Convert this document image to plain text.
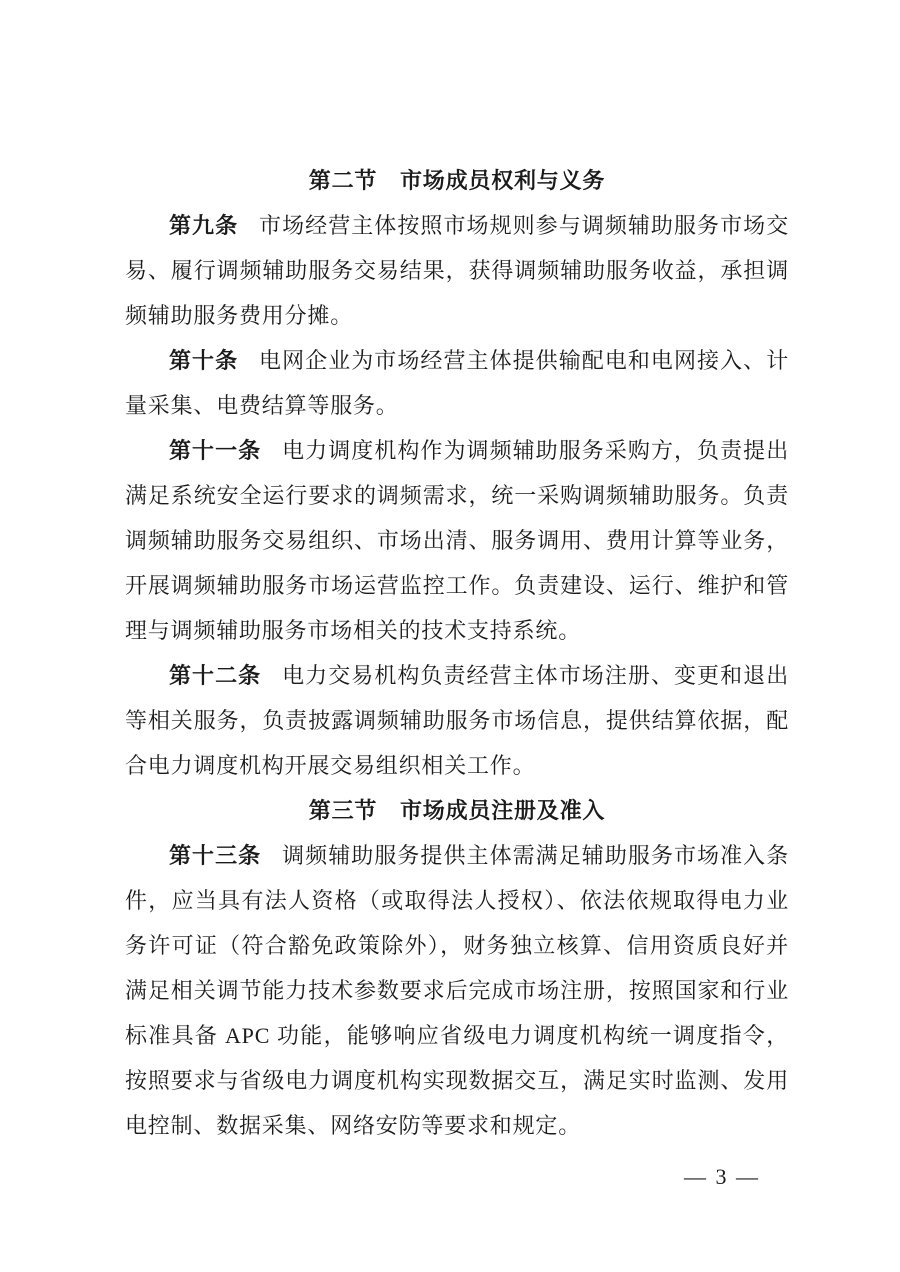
第二节　市场成员权利与义务

第九条 市场经营主体按照市场规则参与调频辅助服务市场交易、履行调频辅助服务交易结果，获得调频辅助服务收益，承担调频辅助服务费用分摊。

第十条 电网企业为市场经营主体提供输配电和电网接入、计量采集、电费结算等服务。

第十一条 电力调度机构作为调频辅助服务采购方，负责提出满足系统安全运行要求的调频需求，统一采购调频辅助服务。负责调频辅助服务交易组织、市场出清、服务调用、费用计算等业务，开展调频辅助服务市场运营监控工作。负责建设、运行、维护和管理与调频辅助服务市场相关的技术支持系统。

第十二条 电力交易机构负责经营主体市场注册、变更和退出等相关服务，负责披露调频辅助服务市场信息，提供结算依据，配合电力调度机构开展交易组织相关工作。

第三节　市场成员注册及准入

第十三条 调频辅助服务提供主体需满足辅助服务市场准入条件，应当具有法人资格（或取得法人授权）、依法依规取得电力业务许可证（符合豁免政策除外），财务独立核算、信用资质良好并满足相关调节能力技术参数要求后完成市场注册，按照国家和行业标准具备 APC 功能，能够响应省级电力调度机构统一调度指令，按照要求与省级电力调度机构实现数据交互，满足实时监测、发用电控制、数据采集、网络安防等要求和规定。

— 3 —
